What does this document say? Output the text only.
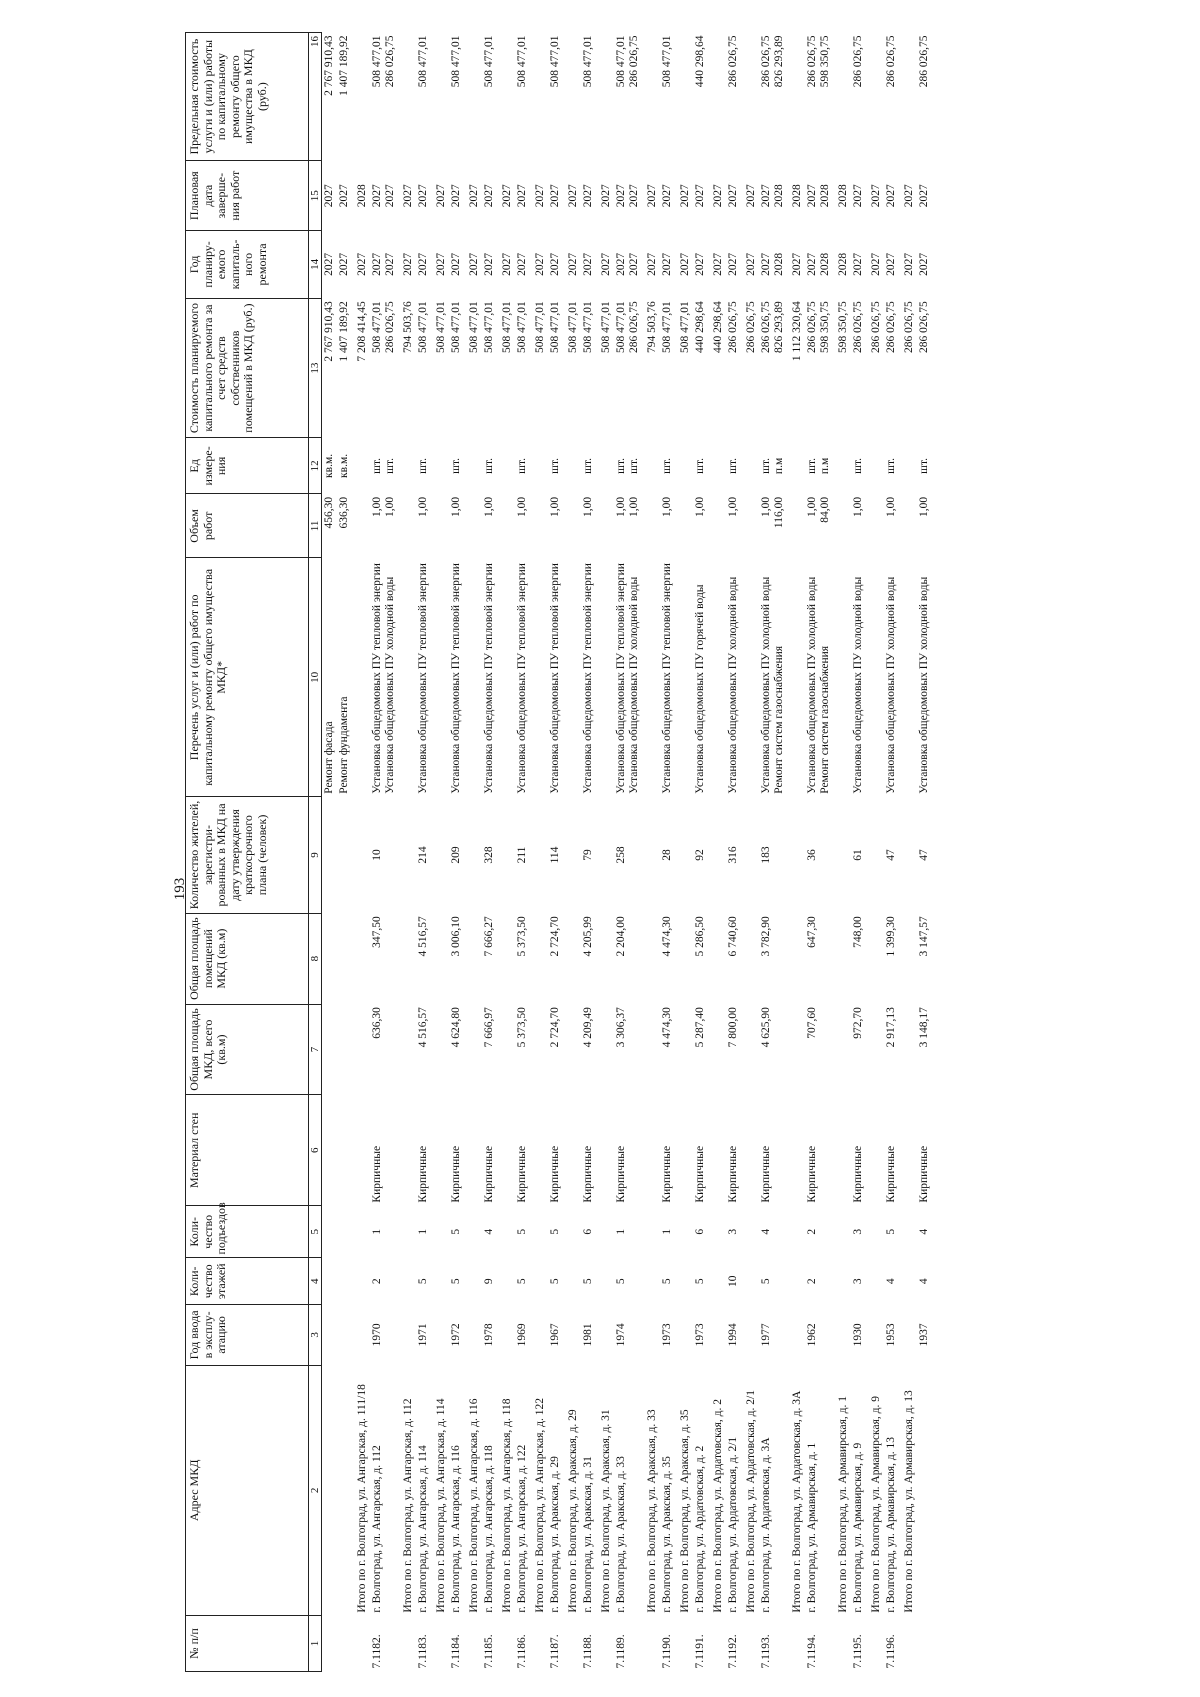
193
№ п/п	Адрес МКД	Год ввода в эксплу-атацию	Коли-чество этажей	Коли-чество подъездов	Материал стен	Общая площадь МКД, всего (кв.м)	Общая площадь помещений МКД (кв.м)	Количество жителей, зарегистри-рованных в МКД на дату утверждения краткосрочного плана (человек)	Перечень услуг и (или) работ по капитальному ремонту общего имущества МКД*	Объем работ	Ед измере-ния	Стоимость планируемого капитального ремонта за счет средств собственников помещений в МКД (руб.)	Год планиру-емого капиталь-ного ремонта	Плановая дата заверше-ния работ	Предельная стоимость услуги и (или) работы по капитальному ремонту общего имущества в МКД (руб.)
1	2	3	4	5	6	7	8	9	10	11	12	13	14	15	16

									Ремонт фасада	456,30	кв.м.	2 767 910,43	2027	2027	2 767 910,43

									Ремонт фундамента	636,30	кв.м.	1 407 189,92	2027	2027	1 407 189,92

	Итого по г. Волгоград, ул. Ангарская, д. 111/18											7 208 414,45	2027	2028	

7.1182.	г. Волгоград, ул. Ангарская, д. 112	1970	2	1	Кирпичные	636,30	347,50	10	Установка общедомовых ПУ тепловой энергии Установка общедомовых ПУ холодной воды	1,00 1,00	шт. шт.	508 477,01 286 026,75	2027 2027	2027 2027	508 477,01 286 026,75

	Итого по г. Волгоград, ул. Ангарская, д. 112											794 503,76	2027	2027	

7.1183.	г. Волгоград, ул. Ангарская, д. 114	1971	5	1	Кирпичные	4 516,57	4 516,57	214	Установка общедомовых ПУ тепловой энергии	1,00	шт.	508 477,01	2027	2027	508 477,01

	Итого по г. Волгоград, ул. Ангарская, д. 114											508 477,01	2027	2027	

7.1184.	г. Волгоград, ул. Ангарская, д. 116	1972	5	5	Кирпичные	4 624,80	3 006,10	209	Установка общедомовых ПУ тепловой энергии	1,00	шт.	508 477,01	2027	2027	508 477,01

	Итого по г. Волгоград, ул. Ангарская, д. 116											508 477,01	2027	2027	

7.1185.	г. Волгоград, ул. Ангарская, д. 118	1978	9	4	Кирпичные	7 666,97	7 666,27	328	Установка общедомовых ПУ тепловой энергии	1,00	шт.	508 477,01	2027	2027	508 477,01

	Итого по г. Волгоград, ул. Ангарская, д. 118											508 477,01	2027	2027	

7.1186.	г. Волгоград, ул. Ангарская, д. 122	1969	5	5	Кирпичные	5 373,50	5 373,50	211	Установка общедомовых ПУ тепловой энергии	1,00	шт.	508 477,01	2027	2027	508 477,01

	Итого по г. Волгоград, ул. Ангарская, д. 122											508 477,01	2027	2027	

7.1187.	г. Волгоград, ул. Аракская, д. 29	1967	5	5	Кирпичные	2 724,70	2 724,70	114	Установка общедомовых ПУ тепловой энергии	1,00	шт.	508 477,01	2027	2027	508 477,01

	Итого по г. Волгоград, ул. Аракская, д. 29											508 477,01	2027	2027	

7.1188.	г. Волгоград, ул. Аракская, д. 31	1981	5	6	Кирпичные	4 209,49	4 205,99	79	Установка общедомовых ПУ тепловой энергии	1,00	шт.	508 477,01	2027	2027	508 477,01

	Итого по г. Волгоград, ул. Аракская, д. 31											508 477,01	2027	2027	

7.1189.	г. Волгоград, ул. Аракская, д. 33	1974	5	1	Кирпичные	3 306,37	2 204,00	258	Установка общедомовых ПУ тепловой энергии Установка общедомовых ПУ холодной воды	1,00 1,00	шт. шт.	508 477,01 286 026,75	2027 2027	2027 2027	508 477,01 286 026,75

	Итого по г. Волгоград, ул. Аракская, д. 33											794 503,76	2027	2027	

7.1190.	г. Волгоград, ул. Аракская, д. 35	1973	5	1	Кирпичные	4 474,30	4 474,30	28	Установка общедомовых ПУ тепловой энергии	1,00	шт.	508 477,01	2027	2027	508 477,01

	Итого по г. Волгоград, ул. Аракская, д. 35											508 477,01	2027	2027	

7.1191.	г. Волгоград, ул. Ардатовская, д. 2	1973	5	6	Кирпичные	5 287,40	5 286,50	92	Установка общедомовых ПУ горячей воды	1,00	шт.	440 298,64	2027	2027	440 298,64

	Итого по г. Волгоград, ул. Ардатовская, д. 2											440 298,64	2027	2027	

7.1192.	г. Волгоград, ул. Ардатовская, д. 2/1	1994	10	3	Кирпичные	7 800,00	6 740,60	316	Установка общедомовых ПУ холодной воды	1,00	шт.	286 026,75	2027	2027	286 026,75

	Итого по г. Волгоград, ул. Ардатовская, д. 2/1											286 026,75	2027	2027	

7.1193.	г. Волгоград, ул. Ардатовская, д. 3А	1977	5	4	Кирпичные	4 625,90	3 782,90	183	Установка общедомовых ПУ холодной воды Ремонт систем газоснабжения	1,00 116,00	шт. п.м	286 026,75 826 293,89	2027 2028	2027 2028	286 026,75 826 293,89

	Итого по г. Волгоград, ул. Ардатовская, д. 3А											1 112 320,64	2027	2028	

7.1194.	г. Волгоград, ул. Армавирская, д. 1	1962	2	2	Кирпичные	707,60	647,30	36	Установка общедомовых ПУ холодной воды Ремонт систем газоснабжения	1,00 84,00	шт. п.м	286 026,75 598 350,75	2027 2028	2027 2028	286 026,75 598 350,75

	Итого по г. Волгоград, ул. Армавирская, д. 1											598 350,75	2028	2028	

7.1195.	г. Волгоград, ул. Армавирская, д. 9	1930	3	3	Кирпичные	972,70	748,00	61	Установка общедомовых ПУ холодной воды	1,00	шт.	286 026,75	2027	2027	286 026,75

	Итого по г. Волгоград, ул. Армавирская, д. 9											286 026,75	2027	2027	

7.1196.	г. Волгоград, ул. Армавирская, д. 13	1953	4	5	Кирпичные	2 917,13	1 399,30	47	Установка общедомовых ПУ холодной воды	1,00	шт.	286 026,75	2027	2027	286 026,75

	Итого по г. Волгоград, ул. Армавирская, д. 13											286 026,75	2027	2027	

		1937	4	4	Кирпичные	3 148,17	3 147,57	47	Установка общедомовых ПУ холодной воды	1,00	шт.	286 026,75	2027	2027	286 026,75
